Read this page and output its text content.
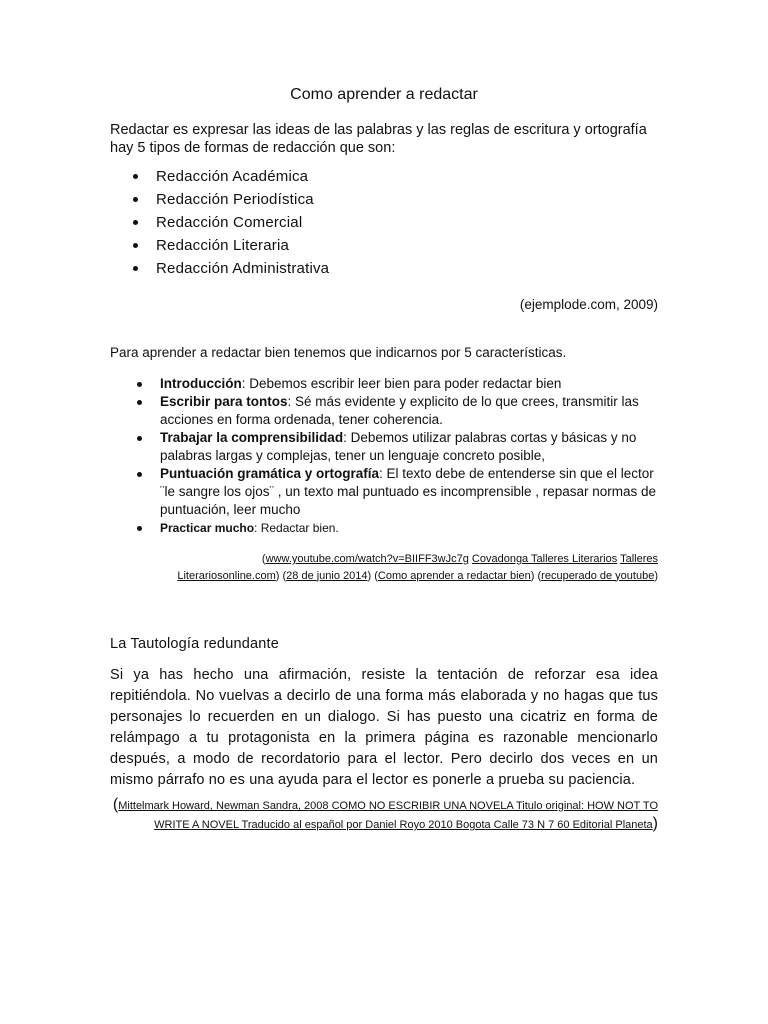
Como aprender a redactar

Redactar es expresar las ideas de las palabras y las reglas de escritura y ortografía hay 5 tipos de formas de redacción que son:

Redacción Académica
Redacción Periodística
Redacción Comercial
Redacción Literaria
Redacción Administrativa
(ejemplode.com, 2009)

Para aprender a redactar bien tenemos que indicarnos por 5 características.

Introducción: Debemos escribir leer bien para poder redactar bien
Escribir para tontos: Sé más evidente y explicito de lo que crees, transmitir las acciones en forma ordenada, tener coherencia.
Trabajar la comprensibilidad: Debemos utilizar palabras cortas y básicas y no palabras largas y complejas, tener un lenguaje concreto posible,
Puntuación gramática y ortografía: El texto debe de entenderse sin que el lector ¨le sangre los ojos¨ , un texto mal puntuado es incomprensible , repasar normas de puntuación, leer mucho
Practicar mucho: Redactar bien.
(www.youtube.com/watch?v=BIIFF3wJc7g Covadonga Talleres Literarios Talleres Literariosonline.com) (28 de junio 2014) (Como aprender a redactar bien) (recuperado de youtube)
La Tautología redundante

Si ya has hecho una afirmación, resiste la tentación de reforzar esa idea repitiéndola. No vuelvas a decirlo de una forma más elaborada y no hagas que tus personajes lo recuerden en un dialogo. Si has puesto una cicatriz en forma de relámpago a tu protagonista en la primera página es razonable mencionarlo después, a modo de recordatorio para el lector. Pero decirlo dos veces en un mismo párrafo no es una ayuda para el lector es ponerle a prueba su paciencia.

(Mittelmark Howard, Newman Sandra, 2008 COMO NO ESCRIBIR UNA NOVELA Titulo original: HOW NOT TO WRITE A NOVEL Traducido al español por Daniel Royo 2010 Bogota Calle 73 N 7 60 Editorial Planeta)
